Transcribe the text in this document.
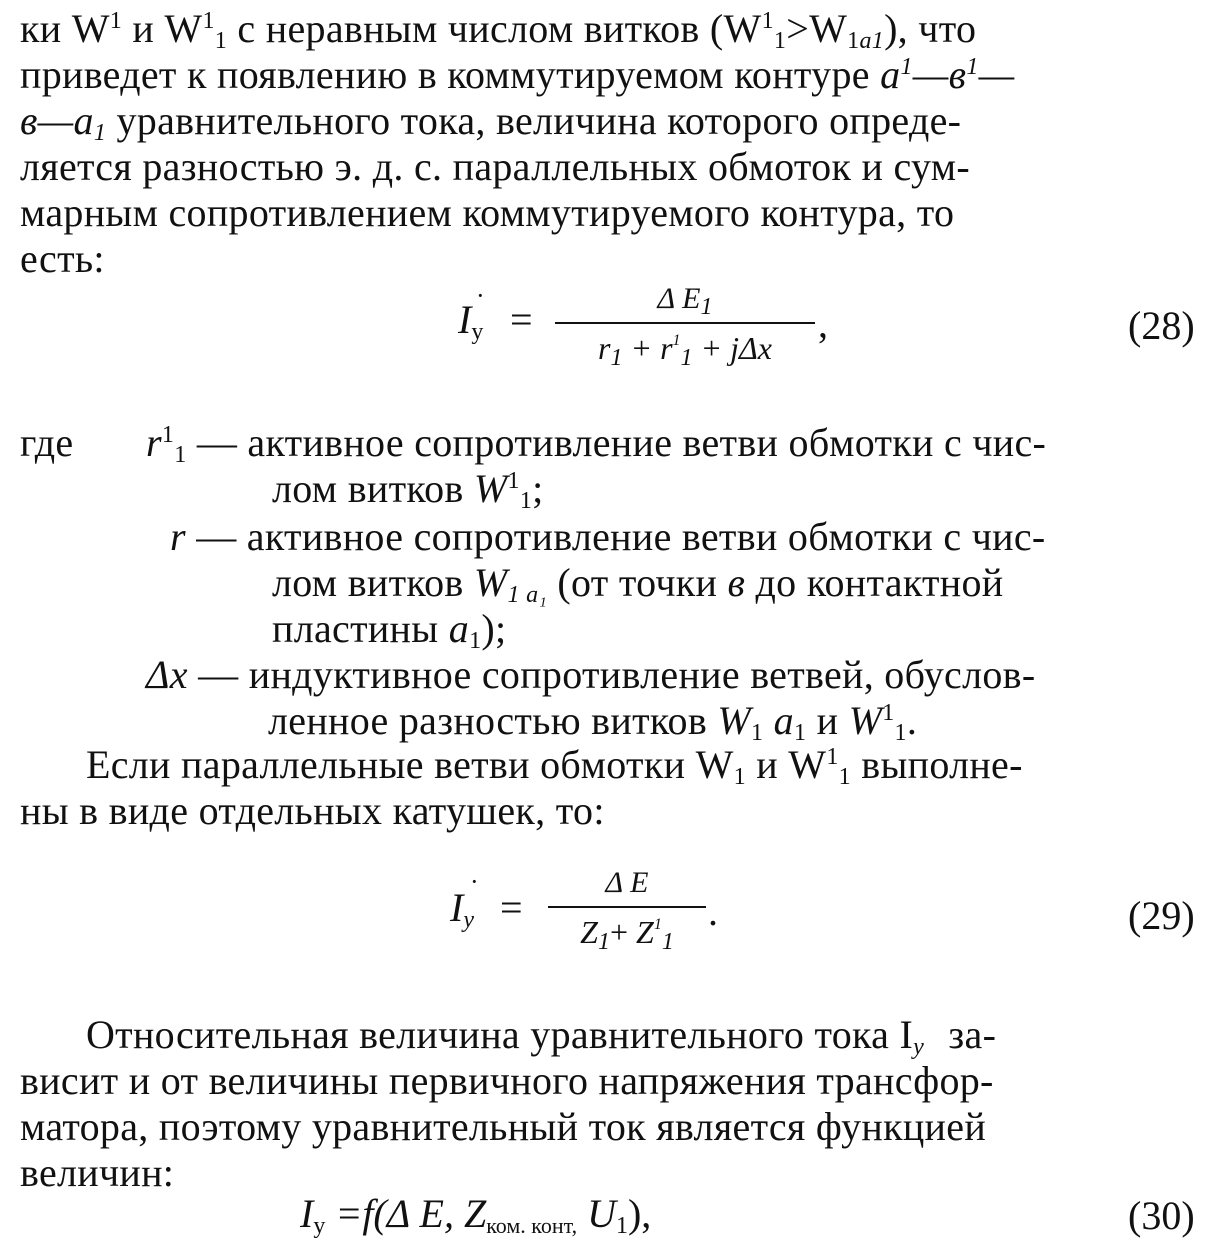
ки $W^1$ и $W^1_1$ с неравным числом витков $(W^1_1>W_{1а1})$, что
приведет к появлению в коммутируемом контуре $а^1—в^1—$
$в—а_1$ уравнительного тока, величина которого опреде-
ляется разностью э. д. с. параллельных обмоток и сум-
марным сопротивлением коммутируемого контура, то
есть:
$I_y$
·
=	Δ $E_1$
$r_1 + r^1_1 + j\Delta x$
,	(28)
где $r^1_1$ — активное сопротивление ветви обмотки с чис-
лом витков $W^1_1$;
r — активное сопротивление ветви обмотки с чис-
лом витков $W_{1 a_1}$ (от точки в до контактной
пластины $а_1$);
Δx — индуктивное сопротивление ветвей, обуслов-
ленное разностью витков $W_1$ $а_1$ и $W^1_1$.
Если параллельные ветви обмотки $W_1$ и $W^1_1$ выполне-
ны в виде отдельных катушек, то:
$I_y$
·
=
Δ E
$Z_1+ Z^1_1$
.	(29)
Относительная величина уравнительного тока $I_y$ за-
висит и от величины первичного напряжения трансфор-
матора, поэтому уравнительный ток является функцией
величин:
$I_y =f(\Delta$ E, $Z_{ком. конт,}$ $U_1$),	(30)
